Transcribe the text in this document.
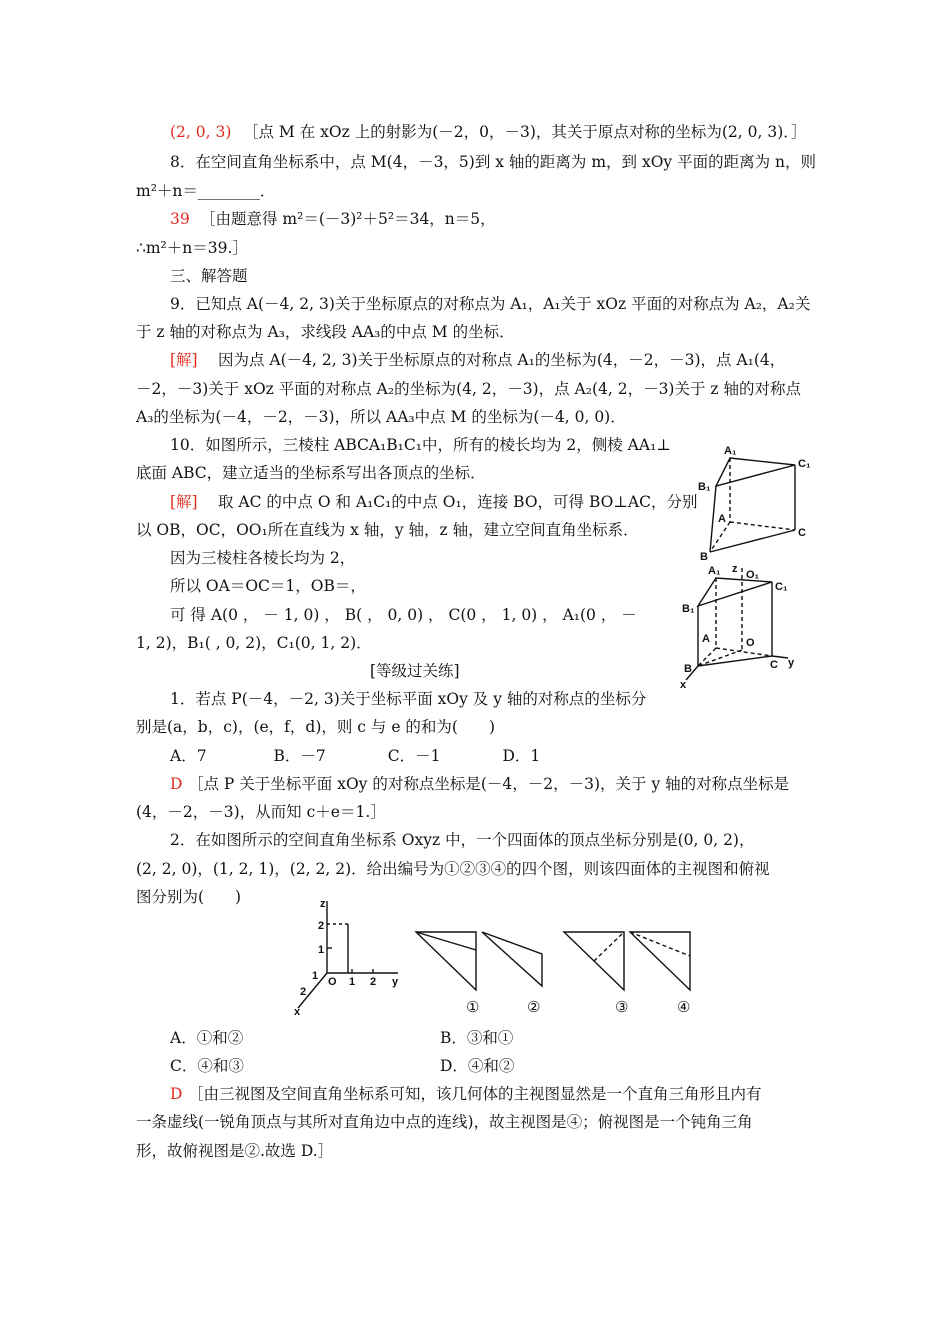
(2, 0, 3) ［点 M 在 xOz 上的射影为(－2，0，－3)，其关于原点对称的坐标为(2, 0, 3)．］
8．在空间直角坐标系中，点 M(4，－3，5)到 x 轴的距离为 m，到 xOy 平面的距离为 n，则
m²＋n＝________．
39 ［由题意得 m²＝(－3)²＋5²＝34，n＝5，
∴m²＋n＝39.］
三、解答题
9．已知点 A(－4, 2, 3)关于坐标原点的对称点为 A₁，A₁关于 xOz 平面的对称点为 A₂，A₂关
于 z 轴的对称点为 A₃，求线段 AA₃的中点 M 的坐标．
[解] 因为点 A(－4, 2, 3)关于坐标原点的对称点 A₁的坐标为(4，－2，－3)，点 A₁(4，
－2，－3)关于 xOz 平面的对称点 A₂的坐标为(4, 2，－3)，点 A₂(4, 2，－3)关于 z 轴的对称点
A₃的坐标为(－4，－2，－3)，所以 AA₃中点 M 的坐标为(－4, 0, 0)．
10．如图所示，三棱柱 ABCA₁B₁C₁中，所有的棱长均为 2，侧棱 AA₁⊥
底面 ABC，建立适当的坐标系写出各顶点的坐标．
[解] 取 AC 的中点 O 和 A₁C₁的中点 O₁，连接 BO，可得 BO⊥AC，分别
以 OB，OC，OO₁所在直线为 x 轴，y 轴，z 轴，建立空间直角坐标系．
因为三棱柱各棱长均为 2，
所以 OA＝OC＝1，OB＝，
可 得 A(0 ， － 1, 0) ， B( ， 0, 0) ， C(0 ， 1, 0) ， A₁(0 ， －
1, 2)，B₁( , 0, 2)，C₁(0, 1, 2)．
[等级过关练]
1．若点 P(－4，－2, 3)关于坐标平面 xOy 及 y 轴的对称点的坐标分
别是(a，b，c)，(e，f，d)，则 c 与 e 的和为(　　)
A．7　　　　 B．－7　　　　C．－1　　　　D．1
D ［点 P 关于坐标平面 xOy 的对称点坐标是(－4，－2，－3)，关于 y 轴的对称点坐标是
(4，－2，－3)，从而知 c＋e＝1.］
2．在如图所示的空间直角坐标系 Oxyz 中，一个四面体的顶点坐标分别是(0, 0, 2)，
(2, 2, 0)，(1, 2, 1)，(2, 2, 2)．给出编号为①②③④的四个图，则该四面体的主视图和俯视
图分别为(　　)
A．①和②	B．③和①
C．④和③	D．④和②
D ［由三视图及空间直角坐标系可知，该几何体的主视图显然是一个直角三角形且内有
一条虚线(一锐角顶点与其所对直角边中点的连线)，故主视图是④；俯视图是一个钝角三角
形，故俯视图是②.故选 D.］
A₁
C₁
B₁
A
C
B
A₁ z O₁
C₁
B₁
A	O
C y
B
x
z
2
1
1 O 1 2 y
2
x	①	②	③	④
